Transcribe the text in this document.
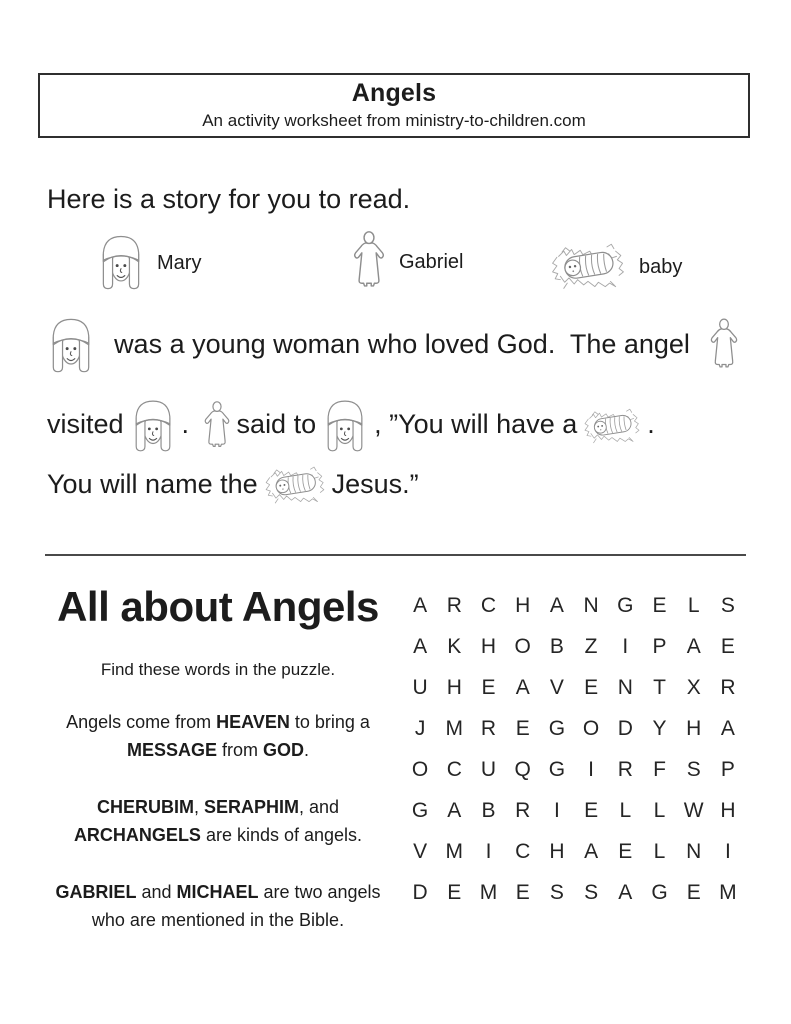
Angels
An activity worksheet from ministry-to-children.com
Here is a story for you to read.
Mary	Gabriel	baby
was a young woman who loved God.  The angel
visited . said to , ”You will have a	.
You will name the	Jesus.”
All about Angels
Find these words in the puzzle.
Angels come from HEAVEN to bring a MESSAGE from GOD.
CHERUBIM, SERAPHIM, and ARCHANGELS are kinds of angels.
GABRIEL and MICHAEL are two angels who are mentioned in the Bible.
A R C H A N G E L S
A K H O B Z I P A E
U H E A V E N T X R
J M R E G O D Y H A
O C U Q G I R F S P
G A B R I E L L W H
V M I C H A E L N I
D E M E S S A G E M
